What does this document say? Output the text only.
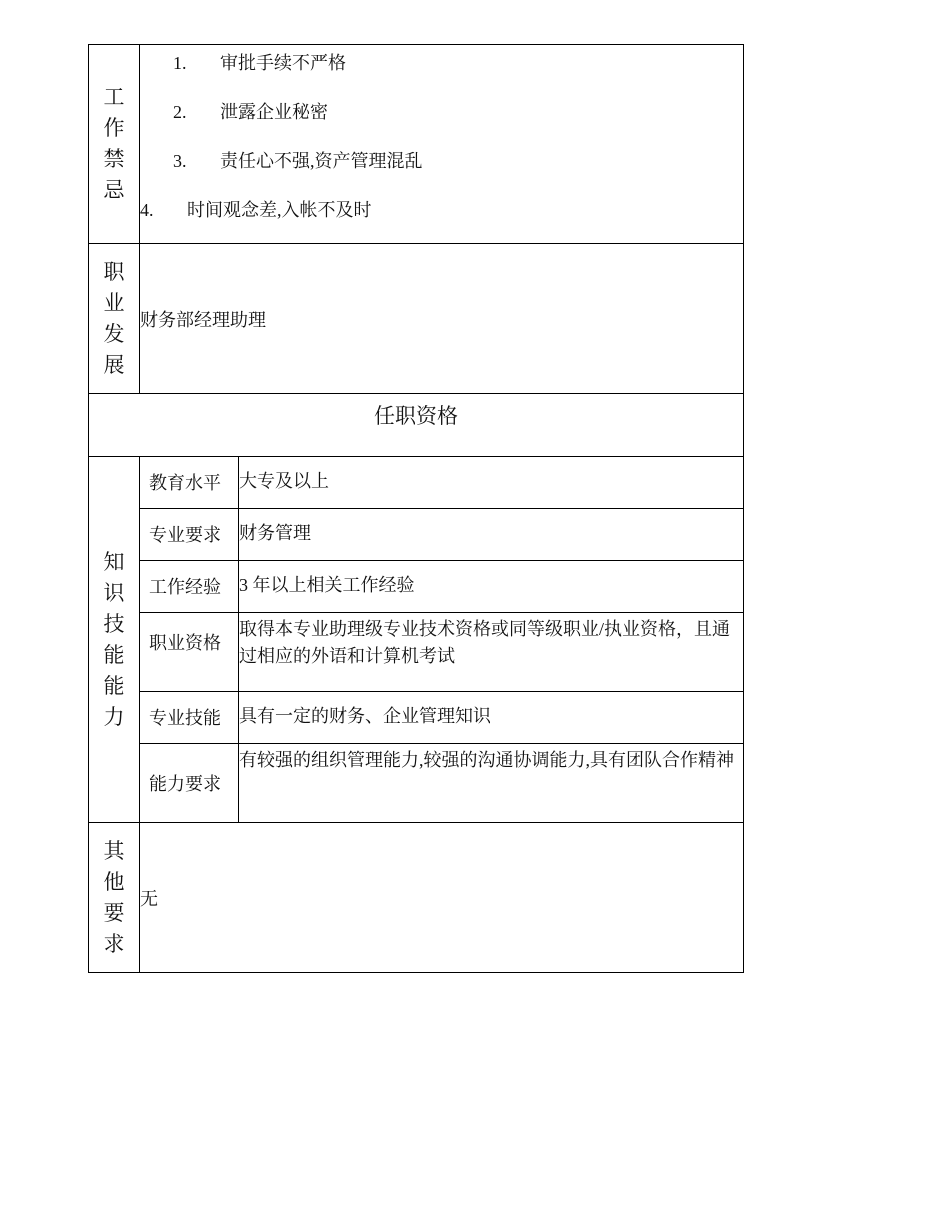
工作禁忌	1. 审批手续不严格
2. 泄露企业秘密
3. 责任心不强,资产管理混乱
4. 时间观念差,入帐不及时	

职业发展	财务部经理助理	
任职资格		

知识技能能力	教育水平	大专及以上
	专业要求	财务管理
	工作经验	3 年以上相关工作经验
	职业资格	取得本专业助理级专业技术资格或同等级职业/执业资格，且通过相应的外语和计算机考试
	专业技能	具有一定的财务、企业管理知识
	能力要求	有较强的组织管理能力,较强的沟通协调能力,具有团队合作精神

其他要求	无	
